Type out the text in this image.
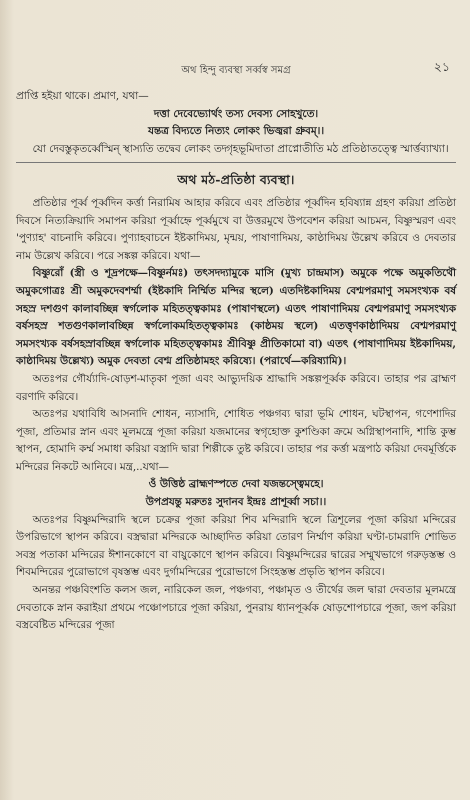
অথ হিন্দু ব্যবস্থা সর্ব্বস্ব সমগ্র	২১

প্রাপ্তি হইয়া থাকে। প্রমাণ, যথা—

দত্তা দেবেভ্যোর্থং তস্য দেবস্য সোহখুতে।

যন্তত্র বিদ্যতে নিত্যং লোকং ভিজ্বরা গ্রুবম্।।

যো দেবস্তুকৃতর্ব্বেস্মিন্ স্থাস্যতি তদ্বেব লোকং তদ্গৃহভূমিদাতা প্রাপ্নোতীতি মঠ প্রতিষ্ঠাতত্ত্বে স্মার্ত্তব্যাখ্যা।

অথ মঠ-প্রতিষ্ঠা ব্যবস্থা।

প্রতিষ্ঠার পূর্ব্ব পূর্ব্বদিন কর্ত্তা নিরামিষ আহার করিবে এবং প্রতিষ্ঠার পূর্ব্বদিন হবিষ্যান্ন গ্রহণ করিয়া প্রতিষ্ঠা দিবসে নিত্যক্রিয়াদি সমাপন করিয়া পূর্ব্বাহ্নে পূর্ব্বমুখে বা উত্তরমুখে উপবেশন করিয়া আচমন, বিষ্ণুস্মরণ এবং 'পুণ্যাহ' বাচনাদি করিবে। পুণ্যাহবাচনে ইষ্টকাদিময়, মৃন্ময়, পাষাণাদিময়, কাষ্ঠাদিময় উল্লেখ করিবে ও দেবতার নাম উল্লেখ করিবে। পরে সঙ্কল্প করিবে। যথা—

বিষ্ণুরোঁ (স্ত্রী ও শূদ্রপক্ষে—বিষ্ণুর্নমঃ) তৎসদদ্যামুকে মাসি (মুখ্য চান্দ্রমাস) অমুকে পক্ষে অমুকতিথৌ অমুকগোত্রঃ শ্রী অমুকদেবশর্ম্মা (ইষ্টকাদি নির্ম্মিত মন্দির স্থলে) এতদিষ্টকাদিময় বেশ্মপরমাণু সমসংখ্যক বর্ষ সহস্র দশগুণ কালাবচ্ছিন্ন স্বর্গলোক মহিতত্ত্বকামঃ (পাষাণস্থলে) এতৎ পাষাণাদিময় বেশ্মপরমাণু সমসংখ্যক বর্ষসহস্র শতগুণকালাবচ্ছিন্ন স্বর্গলোকমহিতত্ত্বকামঃ (কাষ্ঠময় স্থলে) এতত্তৃণকাষ্ঠাদিময় বেশ্মপরমাণু সমসংখ্যক বর্ষসহস্রাবচ্ছিন্ন স্বর্গলোক মহিতত্ত্বকামঃ শ্রীবিষ্ণু প্রীতিকামো বা) এতৎ (পাষাণাদিময় ইষ্টকাদিময়, কাষ্ঠাদিময় উল্লেখ্য) অমুক দেবতা বেশ্ম প্রতিষ্ঠামহং করিষ্যে। (পরার্থে—করিষ্যামি)।

অতঃপর গৌর্য্যাদি-ষোড়শ-মাতৃকা পূজা এবং আভ্যুদয়িক শ্রাদ্ধাদি সঙ্কল্পপূর্ব্বক করিবে। তাহার পর ব্রাহ্মণ বরণাদি করিবে।

অতঃপর যথাবিধি আসনাদি শোধন, ন্যাসাদি, শোধিত পঞ্চগব্য দ্বারা ভূমি শোধন, ঘটস্থাপন, গণেশাদির পূজা, প্রতিমার স্নান এবং মূলমন্ত্রে পূজা করিয়া যজমানের স্বগৃহোক্ত কুশণ্ডিকা ক্রমে অগ্নিস্থাপনাদি, শান্তি কুম্ভ স্থাপন, হোমাদি কর্ম্ম সমাধা করিয়া বস্ত্রাদি দ্বারা শিল্পীকে তুষ্ট করিবে। তাহার পর কর্ত্তা মন্ত্রপাঠ করিয়া দেবমূর্ত্তিকে মন্দিরের নিকটে আনিবে। মন্ত্র,..যথা—

ওঁ উত্তিষ্ঠ ব্রাহ্মণস্পতে দেবা যজন্তস্ত্বেমহে।

উপপ্রযন্তু মরুতঃ সুদানব ইন্দ্রঃ প্রাশূর্ব্বা সচা।।

অতঃপর বিষ্ণুমন্দিরাদি স্থলে চক্রের পূজা করিয়া শিব মন্দিরাদি স্থলে ত্রিশূলের পূজা করিয়া মন্দিরের উপরিভাগে স্থাপন করিবে। বস্ত্রদ্বারা মন্দিরকে আচ্ছাদিত করিয়া তোরণ নির্ম্মাণ করিয়া ঘণ্টা-চামরাদি শোভিত সবস্ত্র পতাকা মন্দিরের ঈশানকোণে বা বায়ুকোণে স্থাপন করিবে। বিষ্ণুমন্দিরের দ্বারের সম্মুখভাগে গরুড়স্তম্ভ ও শিবমন্দিরের পুরোভাগে বৃষস্তম্ভ এবং দুর্গামন্দিরের পুরোভাগে সিংহস্তম্ভ প্রভৃতি স্থাপন করিবে।

অনন্তর পঞ্চবিংশতি কলস জল, নারিকেল জল, পঞ্চগব্য, পঞ্চামৃত ও তীর্থের জল দ্বারা দেবতার মূলমন্ত্রে দেবতাকে স্নান করাইয়া প্রথমে পঞ্চোপচারে পূজা করিয়া, পুনরায় ধ্যানপূর্ব্বক ষোড়শোপচারে পূজা, জপ করিয়া বস্ত্রবেষ্টিত মন্দিরের পূজা
